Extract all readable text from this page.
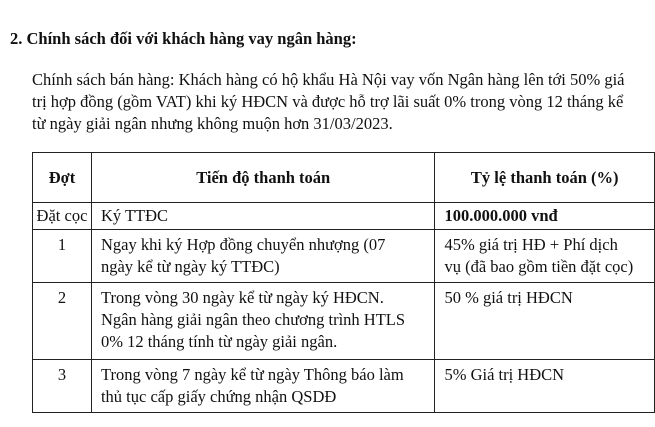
2. Chính sách đối với khách hàng vay ngân hàng:
Chính sách bán hàng: Khách hàng có hộ khẩu Hà Nội vay vốn Ngân hàng lên tới 50% giá
trị hợp đồng (gồm VAT) khi ký HĐCN và được hỗ trợ lãi suất 0% trong vòng 12 tháng kể
từ ngày giải ngân nhưng không muộn hơn 31/03/2023.
Đợt	Tiến độ thanh toán	Tỷ lệ thanh toán (%)
Đặt cọc	Ký TTĐC	100.000.000 vnđ

1	Ngay khi ký Hợp đồng chuyển nhượng (07
ngày kể từ ngày ký TTĐC)	45% giá trị HĐ + Phí dịch
vụ (đã bao gồm tiền đặt cọc)

2	Trong vòng 30 ngày kể từ ngày ký HĐCN.
Ngân hàng giải ngân theo chương trình HTLS
0% 12 tháng tính từ ngày giải ngân.	50 % giá trị HĐCN

3	Trong vòng 7 ngày kể từ ngày Thông báo làm
thủ tục cấp giấy chứng nhận QSDĐ	5% Giá trị HĐCN
